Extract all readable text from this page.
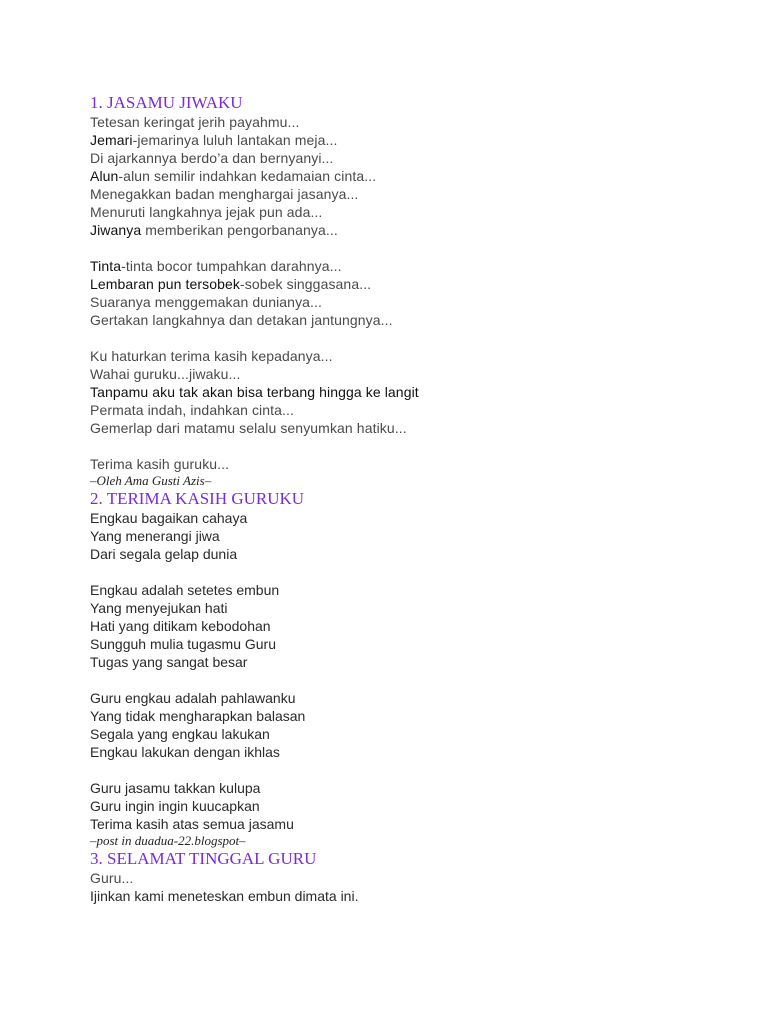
1. JASAMU JIWAKU
Tetesan keringat jerih payahmu...
Jemari-jemarinya luluh lantakan meja...
Di ajarkannya berdo’a dan bernyanyi...
Alun-alun semilir indahkan kedamaian cinta...
Menegakkan badan menghargai jasanya...
Menuruti langkahnya jejak pun ada...
Jiwanya memberikan pengorbananya...
Tinta-tinta bocor tumpahkan darahnya...
Lembaran pun tersobek-sobek singgasana...
Suaranya menggemakan dunianya...
Gertakan langkahnya dan detakan jantungnya...
Ku haturkan terima kasih kepadanya...
Wahai guruku...jiwaku...
Tanpamu aku tak akan bisa terbang hingga ke langit
Permata indah, indahkan cinta...
Gemerlap dari matamu selalu senyumkan hatiku...
Terima kasih guruku...
–Oleh Ama Gusti Azis–
2. TERIMA KASIH GURUKU
Engkau bagaikan cahaya
Yang menerangi jiwa
Dari segala gelap dunia
Engkau adalah setetes embun
Yang menyejukan hati
Hati yang ditikam kebodohan
Sungguh mulia tugasmu Guru
Tugas yang sangat besar
Guru engkau adalah pahlawanku
Yang tidak mengharapkan balasan
Segala yang engkau lakukan
Engkau lakukan dengan ikhlas
Guru jasamu takkan kulupa
Guru ingin ingin kuucapkan
Terima kasih atas semua jasamu
–post in duadua-22.blogspot–
3. SELAMAT TINGGAL GURU
Guru...
Ijinkan kami meneteskan embun dimata ini.
